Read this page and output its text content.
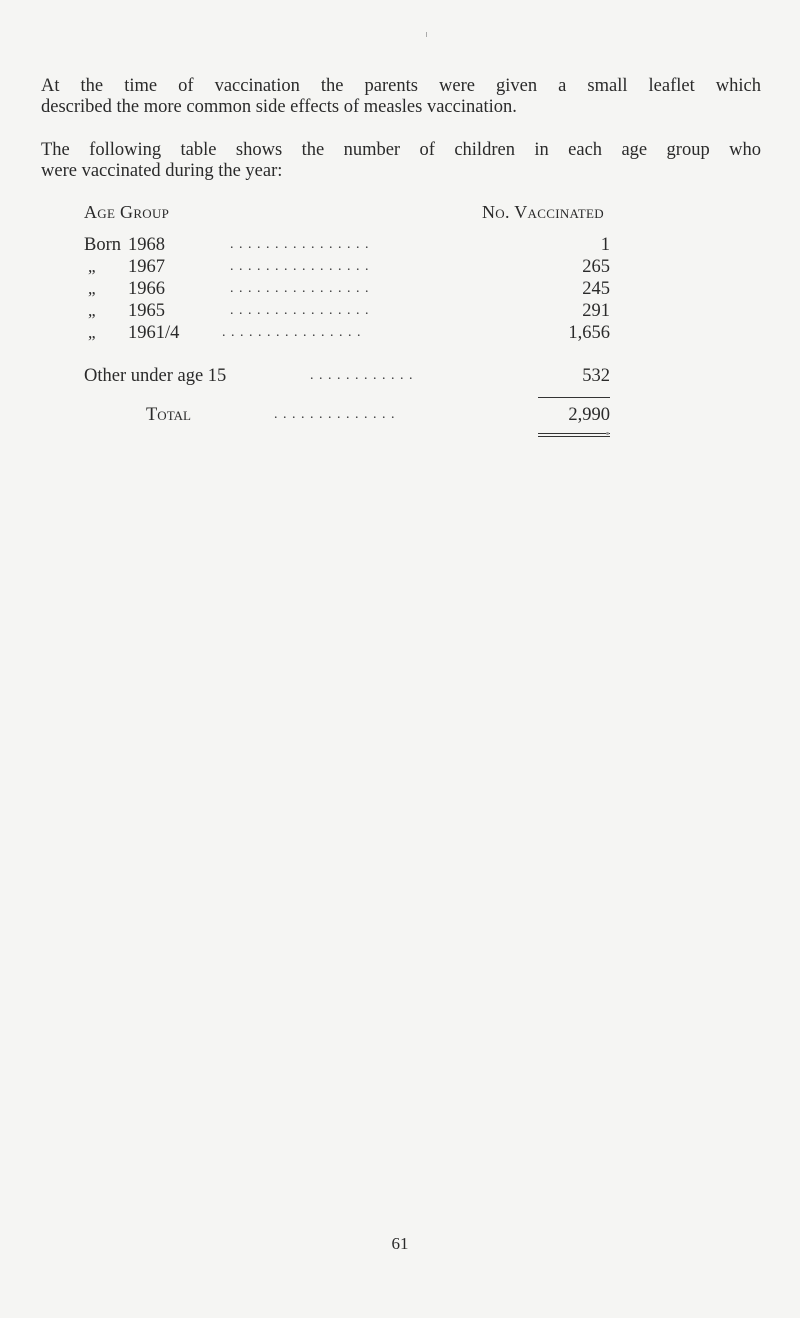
At the time of vaccination the parents were given a small leaflet which
described the more common side effects of measles vaccination.
The following table shows the number of children in each age group who
were vaccinated during the year:
Age Group	No. Vaccinated
Born 1968	. . . . . . . . . . . . . . . .	1
„ 1967	. . . . . . . . . . . . . . . .	265
„ 1966	. . . . . . . . . . . . . . . .	245
„ 1965	. . . . . . . . . . . . . . . .	291
„ 1961/4	. . . . . . . . . . . . . . . .	1,656
Other under age 15	. . . . . . . . . . . .	532
Total	. . . . . . . . . . . . . .	2,990
61
